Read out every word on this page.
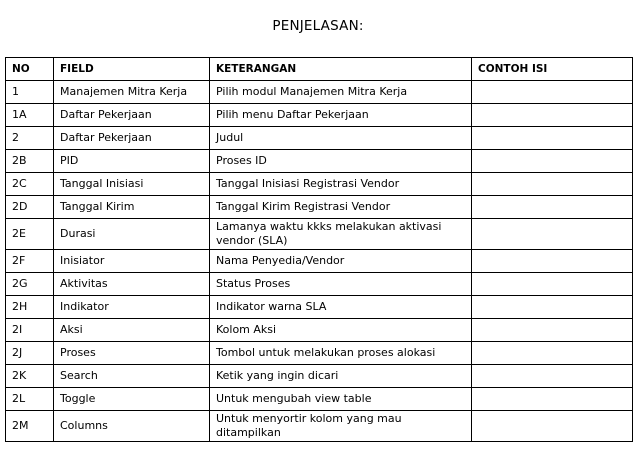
PENJELASAN:
NO	FIELD	KETERANGAN	CONTOH ISI
1	Manajemen Mitra Kerja	Pilih modul Manajemen Mitra Kerja	
1A	Daftar Pekerjaan	Pilih menu Daftar Pekerjaan	
2	Daftar Pekerjaan	Judul	
2B	PID	Proses ID	
2C	Tanggal Inisiasi	Tanggal Inisiasi Registrasi Vendor	
2D	Tanggal Kirim	Tanggal Kirim Registrasi Vendor	
2E	Durasi	Lamanya waktu kkks melakukan aktivasi vendor (SLA)	
2F	Inisiator	Nama Penyedia/Vendor	
2G	Aktivitas	Status Proses	
2H	Indikator	Indikator warna SLA	
2I	Aksi	Kolom Aksi	
2J	Proses	Tombol untuk melakukan proses alokasi	
2K	Search	Ketik yang ingin dicari	
2L	Toggle	Untuk mengubah view table	
2M	Columns	Untuk menyortir kolom yang mau ditampilkan	
